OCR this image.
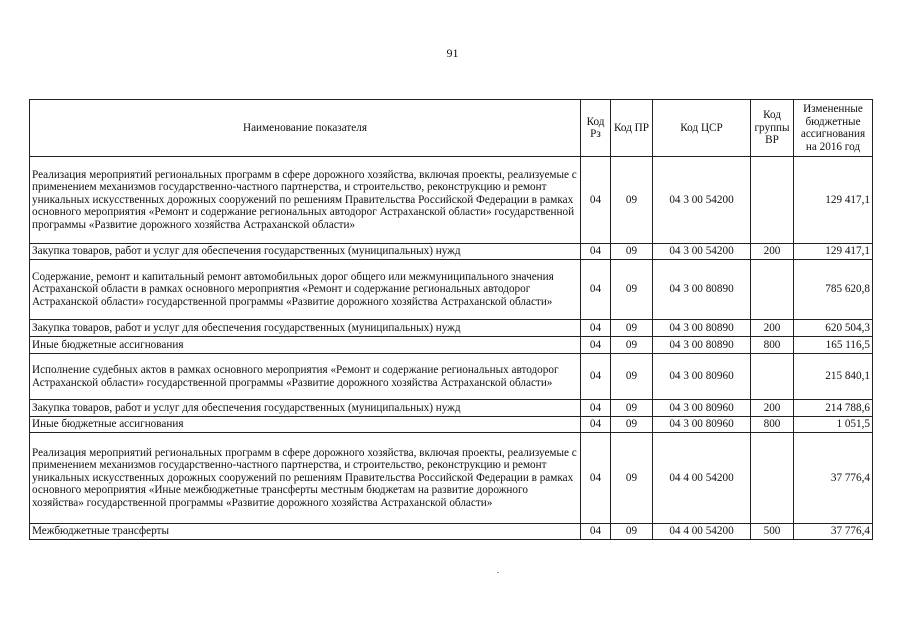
91
Наименование показателя	Код Рз	Код ПР	Код ЦСР	Код группы ВР	Измененные бюджетные ассигнования на 2016 год
Реализация мероприятий региональных программ в сфере дорожного хозяйства, включая проекты, реализуемые с применением механизмов государственно-частного партнерства, и строительство, реконструкцию и ремонт уникальных искусственных дорожных сооружений по решениям Правительства Российской Федерации в рамках основного мероприятия «Ремонт и содержание региональных автодорог Астраханской области» государственной программы «Развитие дорожного хозяйства Астраханской области»	04	09	04 3 00 54200		129 417,1
Закупка товаров, работ и услуг для обеспечения государственных (муниципальных) нужд	04	09	04 3 00 54200	200	129 417,1
Содержание, ремонт и капитальный ремонт автомобильных дорог общего или межмуниципального значения Астраханской области в рамках основного мероприятия «Ремонт и содержание региональных автодорог Астраханской области» государственной программы «Развитие дорожного хозяйства Астраханской области»	04	09	04 3 00 80890		785 620,8
Закупка товаров, работ и услуг для обеспечения государственных (муниципальных) нужд	04	09	04 3 00 80890	200	620 504,3
Иные бюджетные ассигнования	04	09	04 3 00 80890	800	165 116,5
Исполнение судебных актов в рамках основного мероприятия «Ремонт и содержание региональных автодорог Астраханской области» государственной программы «Развитие дорожного хозяйства Астраханской области»	04	09	04 3 00 80960		215 840,1
Закупка товаров, работ и услуг для обеспечения государственных (муниципальных) нужд	04	09	04 3 00 80960	200	214 788,6
Иные бюджетные ассигнования	04	09	04 3 00 80960	800	1 051,5
Реализация мероприятий региональных программ в сфере дорожного хозяйства, включая проекты, реализуемые с применением механизмов государственно-частного партнерства, и строительство, реконструкцию и ремонт уникальных искусственных дорожных сооружений по решениям Правительства Российской Федерации в рамках основного мероприятия «Иные межбюджетные трансферты местным бюджетам на развитие дорожного хозяйства» государственной программы «Развитие дорожного хозяйства Астраханской области»	04	09	04 4 00 54200		37 776,4
Межбюджетные трансферты	04	09	04 4 00 54200	500	37 776,4
